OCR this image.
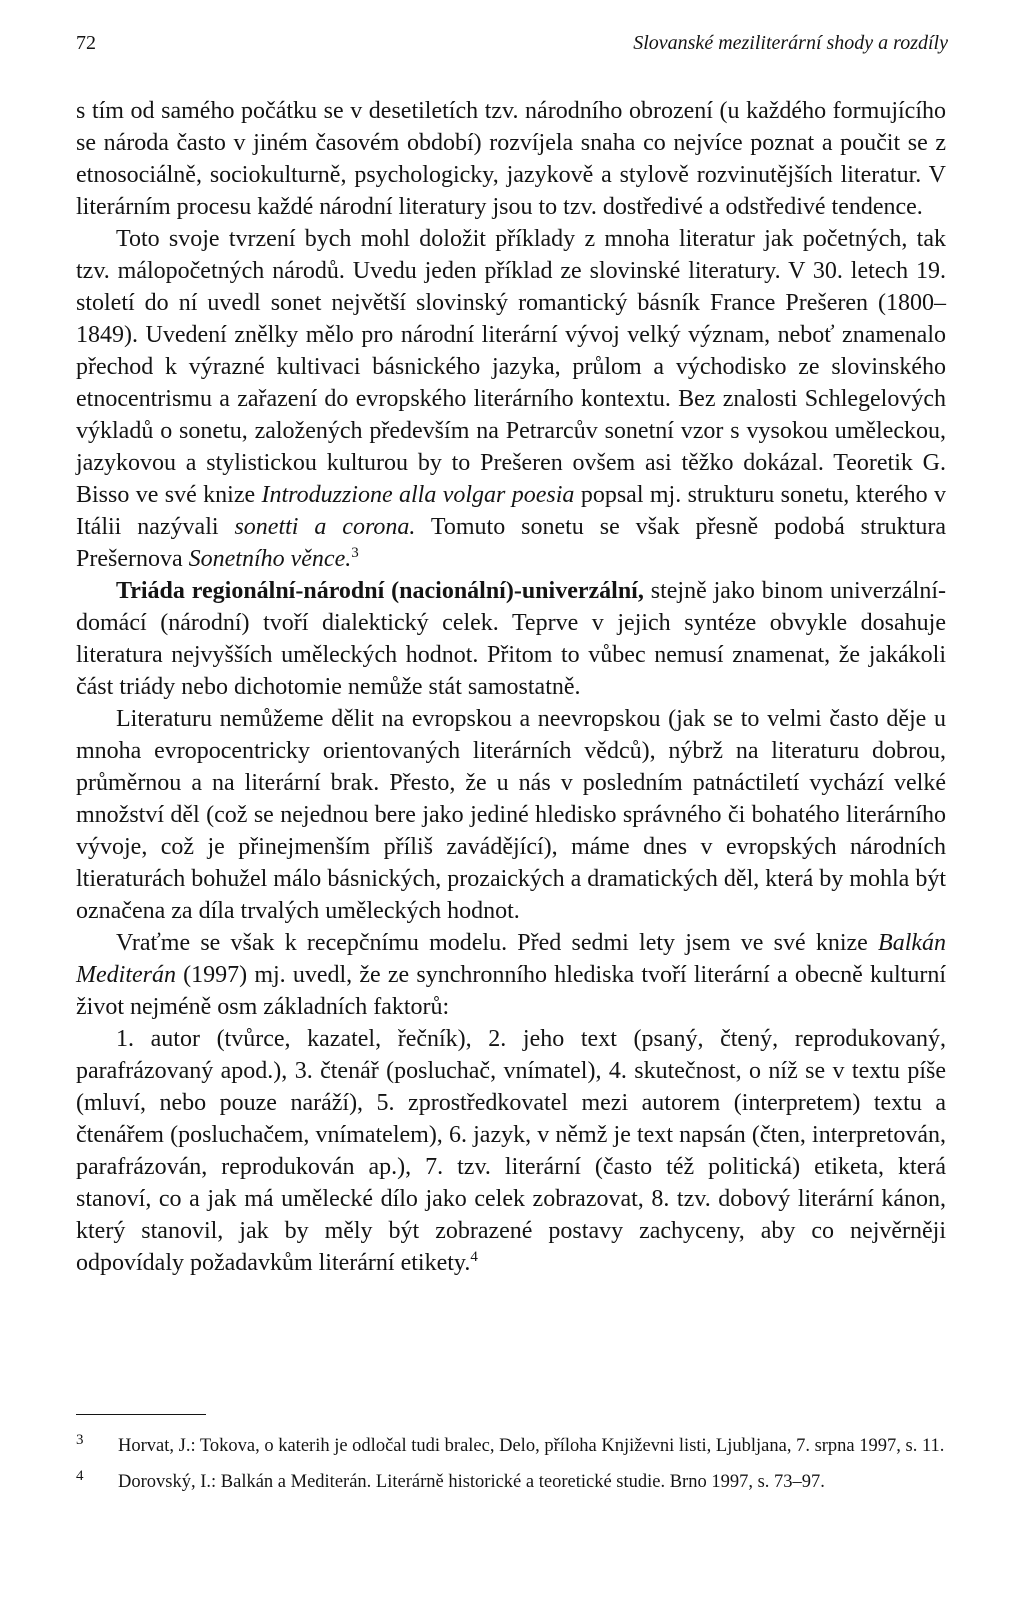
72	Slovanské meziliterární shody a rozdíly

s tím od samého počátku se v desetiletích tzv. národního obrození (u každého formujícího se národa často v jiném časovém období) rozvíjela snaha co nejvíce poznat a poučit se z etnosociálně, sociokulturně, psychologicky, jazykově a stylově rozvinutějších literatur. V literárním procesu každé národní literatury jsou to tzv. dostředivé a odstředivé tendence.

Toto svoje tvrzení bych mohl doložit příklady z mnoha literatur jak početných, tak tzv. málopočetných národů. Uvedu jeden příklad ze slovinské literatury. V 30. letech 19. století do ní uvedl sonet největší slovinský romantický básník France Prešeren (1800–1849). Uvedení znělky mělo pro národní literární vývoj velký význam, neboť znamenalo přechod k výrazné kultivaci básnického jazyka, průlom a východisko ze slovinského etnocentrismu a zařazení do evropského literárního kontextu. Bez znalosti Schlegelových výkladů o sonetu, založených především na Petrarcův sonetní vzor s vysokou uměleckou, jazykovou a stylistickou kulturou by to Prešeren ovšem asi těžko dokázal. Teoretik G. Bisso ve své knize Introduzzione alla volgar poesia popsal mj. strukturu sonetu, kterého v Itálii nazývali sonetti a corona. Tomuto sonetu se však přesně podobá struktura Prešernova Sonetního věnce.$^3$

Triáda regionální-národní (nacionální)-univerzální, stejně jako binom univerzální-domácí (národní) tvoří dialektický celek. Teprve v jejich syntéze obvykle dosahuje literatura nejvyšších uměleckých hodnot. Přitom to vůbec nemusí znamenat, že jakákoli část triády nebo dichotomie nemůže stát samostatně.

Literaturu nemůžeme dělit na evropskou a neevropskou (jak se to velmi často děje u mnoha evropocentricky orientovaných literárních vědců), nýbrž na literaturu dobrou, průměrnou a na literární brak. Přesto, že u nás v posledním patnáctiletí vychází velké množství děl (což se nejednou bere jako jediné hledisko správného či bohatého literárního vývoje, což je přinejmenším příliš zavádějící), máme dnes v evropských národních ltieraturách bohužel málo básnických, prozaických a dramatických děl, která by mohla být označena za díla trvalých uměleckých hodnot.

Vraťme se však k recepčnímu modelu. Před sedmi lety jsem ve své knize Balkán Mediterán (1997) mj. uvedl, že ze synchronního hlediska tvoří literární a obecně kulturní život nejméně osm základních faktorů:

1. autor (tvůrce, kazatel, řečník), 2. jeho text (psaný, čtený, reprodukovaný, parafrázovaný apod.), 3. čtenář (posluchač, vnímatel), 4. skutečnost, o níž se v textu píše (mluví, nebo pouze naráží), 5. zprostředkovatel mezi autorem (interpretem) textu a čtenářem (posluchačem, vnímatelem), 6. jazyk, v němž je text napsán (čten, interpretován, parafrázován, reprodukován ap.), 7. tzv. literární (často též politická) etiketa, která stanoví, co a jak má umělecké dílo jako celek zobrazovat, 8. tzv. dobový literární kánon, který stanovil, jak by měly být zobrazené postavy zachyceny, aby co nejvěrněji odpovídaly požadavkům literární etikety.$^4$

3 Horvat, J.: Tokova, o katerih je odločal tudi bralec, Delo, příloha Književni listi, Ljubljana, 7. srpna 1997, s. 11.
4 Dorovský, I.: Balkán a Mediterán. Literárně historické a teoretické studie. Brno 1997, s. 73–97.
